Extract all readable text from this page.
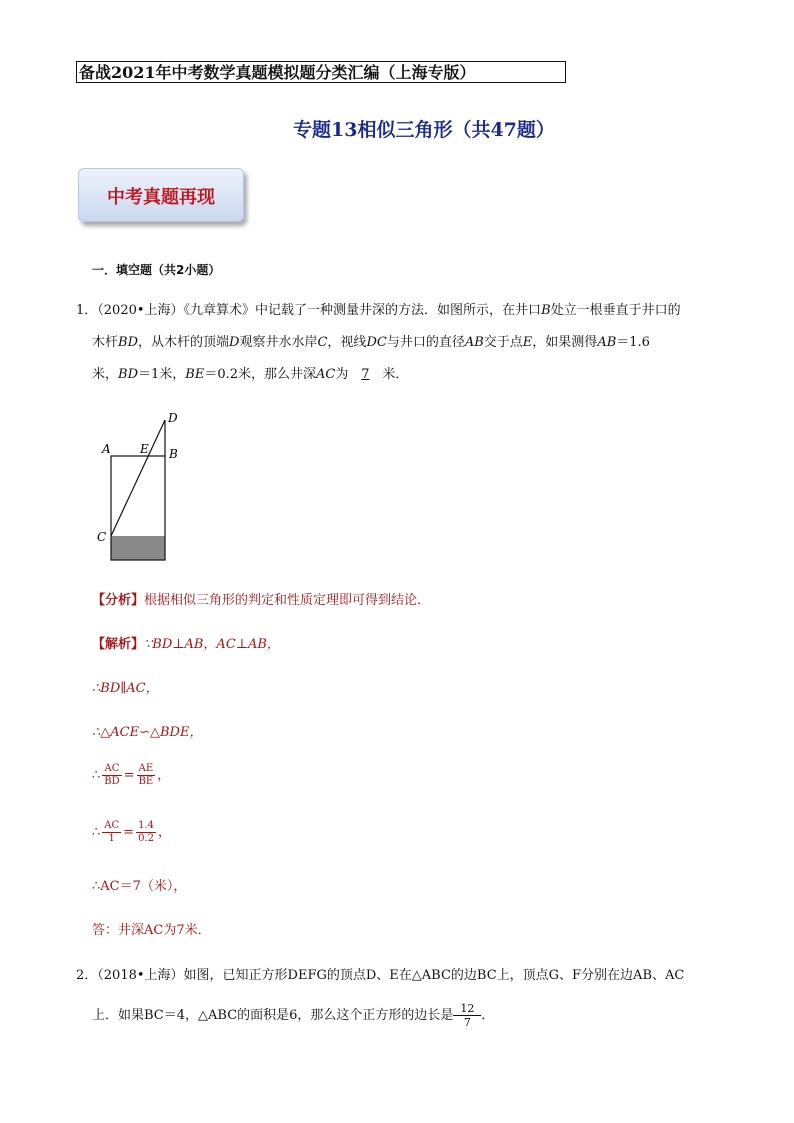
备战2021年中考数学真题模拟题分类汇编（上海专版）
专题13相似三角形（共47题）
中考真题再现
一．填空题（共2小题）
1．（2020•上海）《九章算术》中记载了一种测量井深的方法．如图所示，在井口B处立一根垂直于井口的
木杆BD，从木杆的顶端D观察井水水岸C，视线DC与井口的直径AB交于点E，如果测得AB＝1.6
米，BD＝1米，BE＝0.2米，那么井深AC为 7 米．
A E B
D
C
【分析】根据相似三角形的判定和性质定理即可得到结论．
【解析】∵BD⊥AB，AC⊥AB，
∴BD∥AC，
∴△ACE∽△BDE，
∴ $\frac{AC}{BD} = \frac{AE}{BE}$ ，
∴ $\frac{AC}{1} = \frac{1.4}{0.2}$ ，
∴AC＝7（米），
答：井深AC为7米．
2．（2018•上海）如图，已知正方形DEFG的顶点D、E在△ABC的边BC上，顶点G、F分别在边AB、AC
上．如果BC＝4，△ABC的面积是6，那么这个正方形的边长是 $\frac{12}{7}$ ．
